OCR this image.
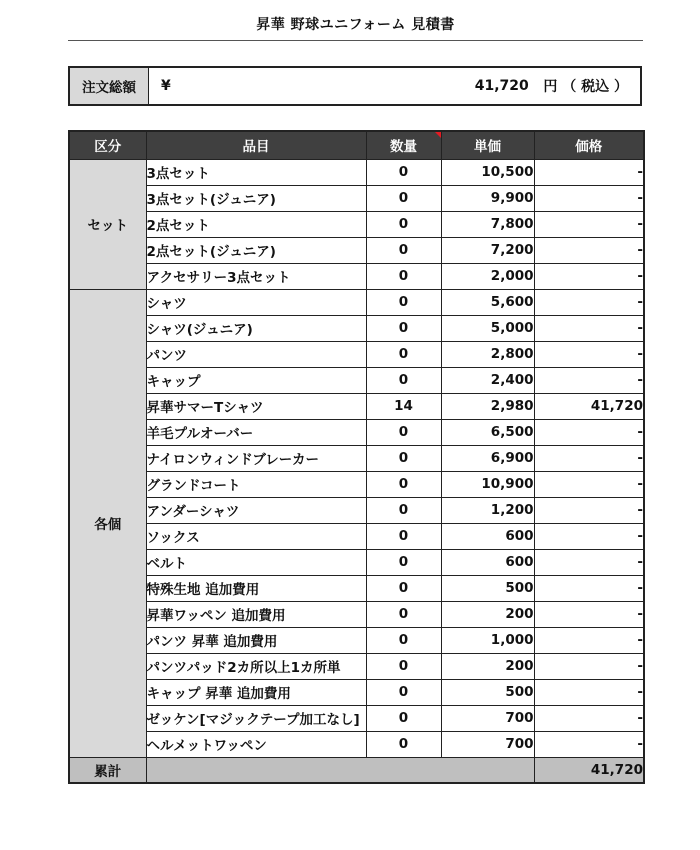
昇華 野球ユニフォーム 見積書
注文総額	¥	41,720
円 （ 税込 ）
区分	品目	数量	単価	価格
セット	3点セット	0	10,500	-
	3点セット(ジュニア)	0	9,900	-
	2点セット	0	7,800	-
	2点セット(ジュニア)	0	7,200	-
	アクセサリー3点セット	0	2,000	-
各個	シャツ	0	5,600	-
	シャツ(ジュニア)	0	5,000	-
	パンツ	0	2,800	-
	キャップ	0	2,400	-
	昇華サマーTシャツ	14	2,980	41,720
	羊毛プルオーバー	0	6,500	-
	ナイロンウィンドブレーカー	0	6,900	-
	グランドコート	0	10,900	-
	アンダーシャツ	0	1,200	-
	ソックス	0	600	-
	ベルト	0	600	-
	特殊生地 追加費用	0	500	-
	昇華ワッペン 追加費用	0	200	-
	パンツ 昇華 追加費用	0	1,000	-
	パンツパッド2カ所以上1カ所単	0	200	-
	キャップ 昇華 追加費用	0	500	-
	ゼッケン[マジックテープ加工なし]	0	700	-
	ヘルメットワッペン	0	700	-
累計				41,720
